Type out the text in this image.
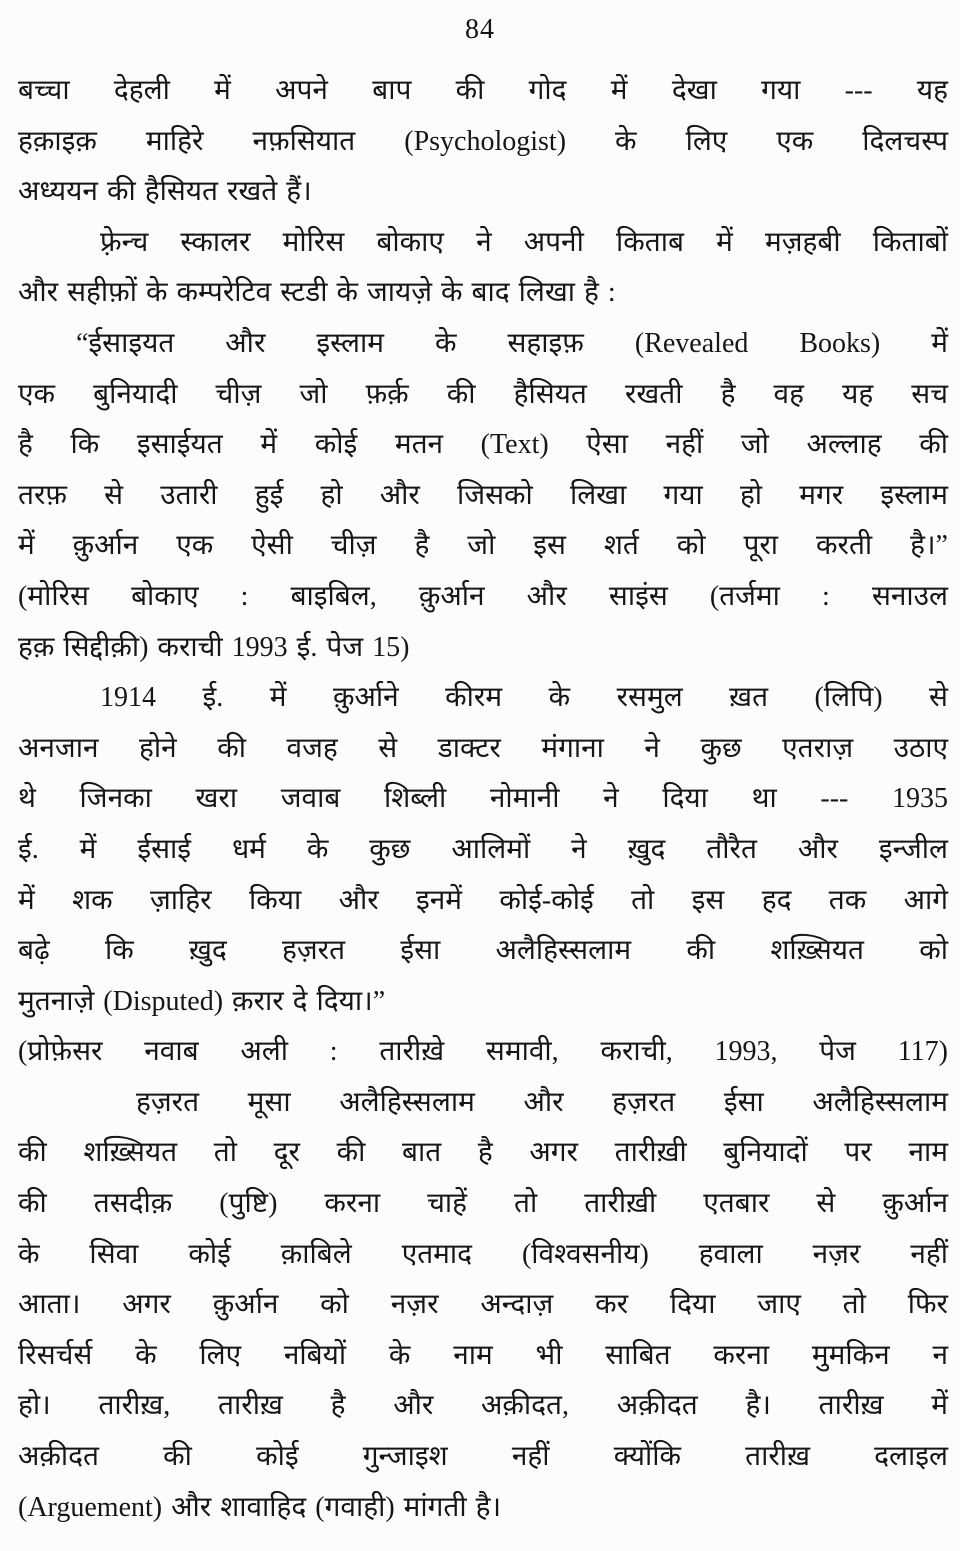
84
बच्चा देहली में अपने बाप की गोद में देखा गया --- यह
हक़ाइक़ माहिरे नफ़सियात (Psychologist) के लिए एक दिलचस्प
अध्ययन की हैसियत रखते हैं।
फ़्रेन्च स्कालर मोरिस बोकाए ने अपनी किताब में मज़हबी किताबों
और सहीफ़ों के कम्परेटिव स्टडी के जायज़े के बाद लिखा है :
“ईसाइयत और इस्लाम के सहाइफ़ (Revealed Books) में
एक बुनियादी चीज़ जो फ़र्क़ की हैसियत रखती है वह यह सच
है कि इसाईयत में कोई मतन (Text) ऐसा नहीं जो अल्लाह की
तरफ़ से उतारी हुई हो और जिसको लिखा गया हो मगर इस्लाम
में क़ुर्आन एक ऐसी चीज़ है जो इस शर्त को पूरा करती है।”
(मोरिस बोकाए : बाइबिल, क़ुर्आन और साइंस (तर्जमा : सनाउल
हक़ सिद्दीक़ी) कराची 1993 ई. पेज 15)
1914 ई. में क़ुर्आने कीरम के रसमुल ख़त (लिपि) से
अनजान होने की वजह से डाक्टर मंगाना ने कुछ एतराज़ उठाए
थे जिनका खरा जवाब शिब्ली नोमानी ने दिया था --- 1935
ई. में ईसाई धर्म के कुछ आलिमों ने ख़ुद तौरैत और इन्जील
में शक ज़ाहिर किया और इनमें कोई-कोई तो इस हद तक आगे
बढ़े कि ख़ुद हज़रत ईसा अलैहिस्सलाम की शख़्सियत को
मुतनाज़े (Disputed) क़रार दे दिया।”
(प्रोफ़ेसर नवाब अली : तारीख़े समावी, कराची, 1993, पेज 117)
हज़रत मूसा अलैहिस्सलाम और हज़रत ईसा अलैहिस्सलाम
की शख़्सियत तो दूर की बात है अगर तारीख़ी बुनियादों पर नाम
की तसदीक़ (पुष्टि) करना चाहें तो तारीख़ी एतबार से क़ुर्आन
के सिवा कोई क़ाबिले एतमाद (विश्वसनीय) हवाला नज़र नहीं
आता। अगर क़ुर्आन को नज़र अन्दाज़ कर दिया जाए तो फिर
रिसर्चर्स के लिए नबियों के नाम भी साबित करना मुमकिन न
हो। तारीख़, तारीख़ है और अक़ीदत, अक़ीदत है। तारीख़ में
अक़ीदत की कोई गुन्जाइश नहीं क्योंकि तारीख़ दलाइल
(Arguement) और शावाहिद (गवाही) मांगती है।
